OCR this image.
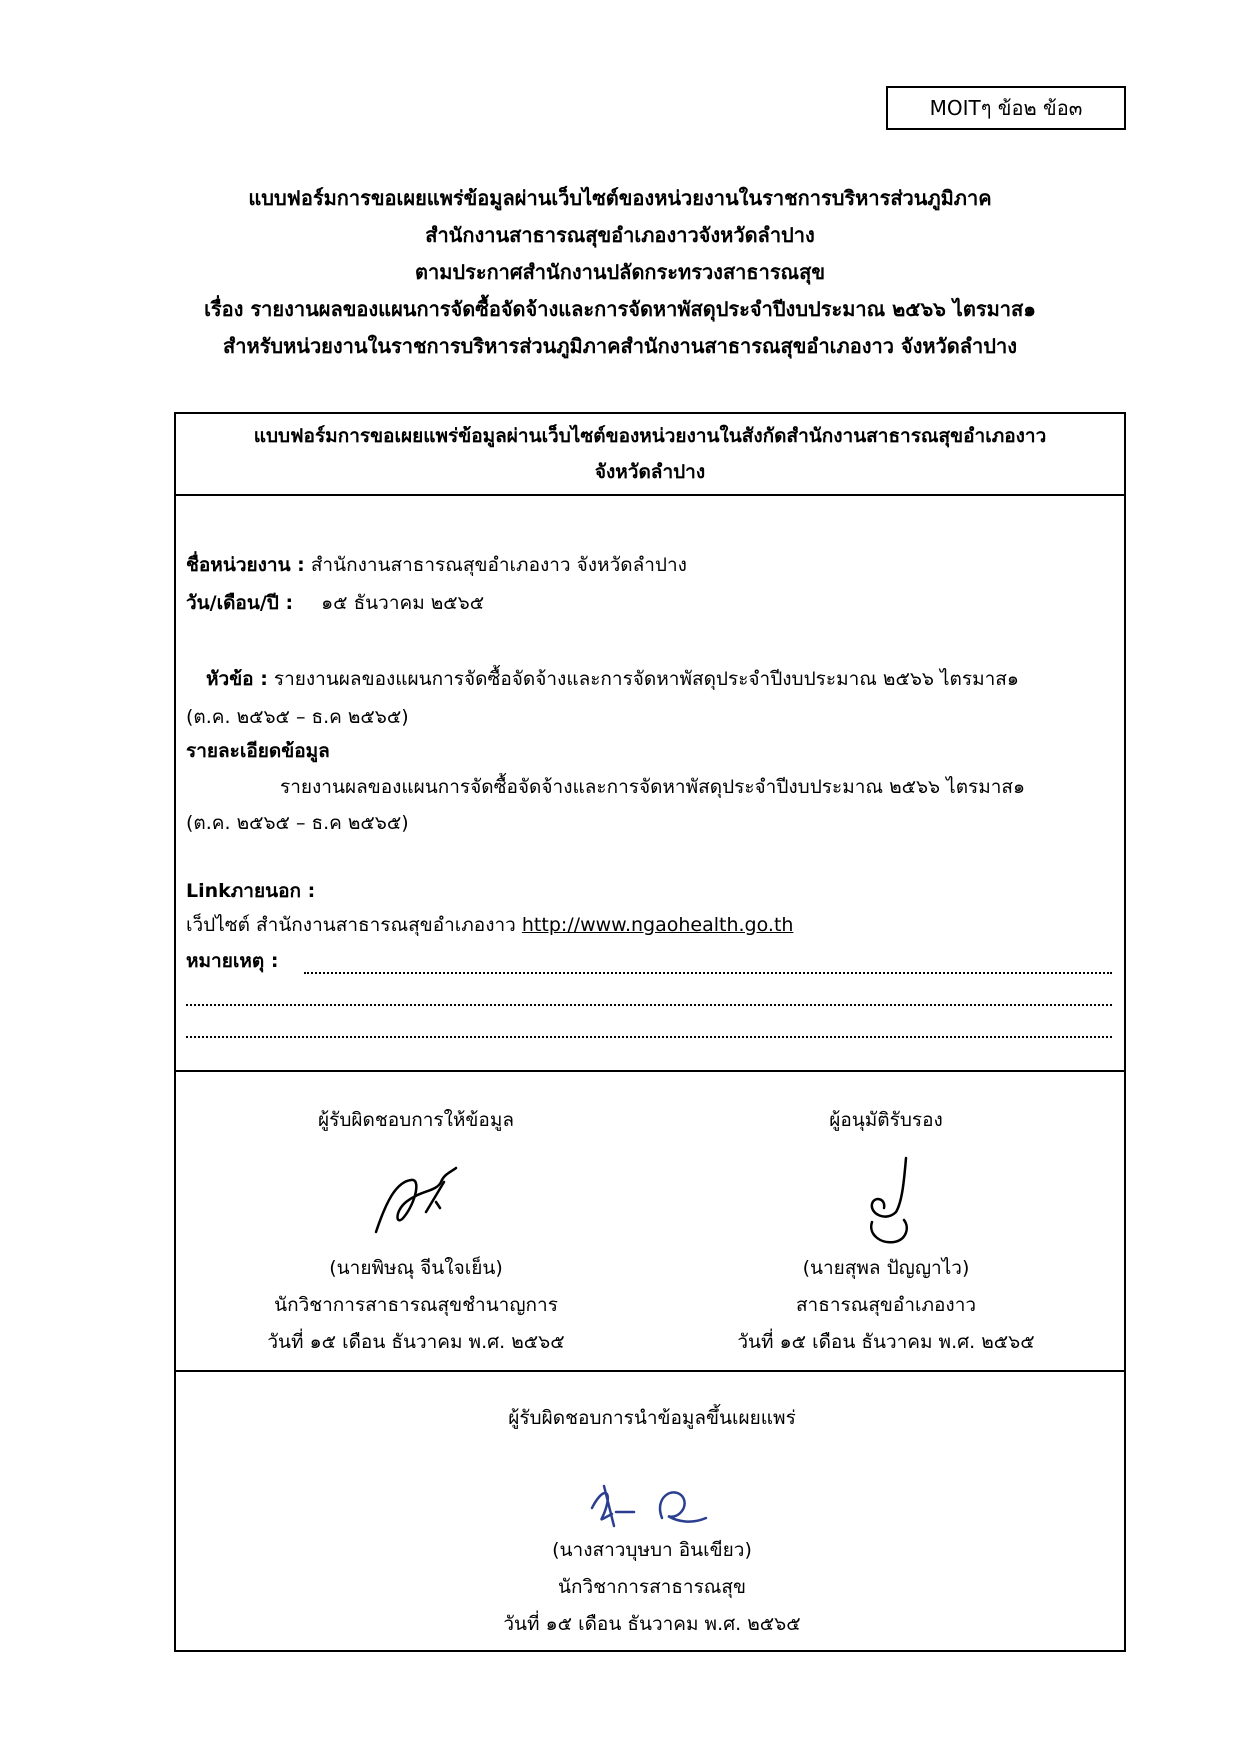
MOITๆ ข้อ๒ ข้อ๓
แบบฟอร์มการขอเผยแพร่ข้อมูลผ่านเว็บไซต์ของหน่วยงานในราชการบริหารส่วนภูมิภาค
สำนักงานสาธารณสุขอำเภองาวจังหวัดลำปาง
ตามประกาศสำนักงานปลัดกระทรวงสาธารณสุข
เรื่อง รายงานผลของแผนการจัดซื้อจัดจ้างและการจัดหาพัสดุประจำปีงบประมาณ ๒๕๖๖ ไตรมาส๑
สำหรับหน่วยงานในราชการบริหารส่วนภูมิภาคสำนักงานสาธารณสุขอำเภองาว จังหวัดลำปาง
แบบฟอร์มการขอเผยแพร่ข้อมูลผ่านเว็บไซต์ของหน่วยงานในสังกัดสำนักงานสาธารณสุขอำเภองาว
จังหวัดลำปาง
ชื่อหน่วยงาน : สำนักงานสาธารณสุขอำเภองาว จังหวัดลำปาง
วัน/เดือน/ปี : ๑๕ ธันวาคม ๒๕๖๕
หัวข้อ : รายงานผลของแผนการจัดซื้อจัดจ้างและการจัดหาพัสดุประจำปีงบประมาณ ๒๕๖๖ ไตรมาส๑
(ต.ค. ๒๕๖๕ – ธ.ค ๒๕๖๕)
รายละเอียดข้อมูล
รายงานผลของแผนการจัดซื้อจัดจ้างและการจัดหาพัสดุประจำปีงบประมาณ ๒๕๖๖ ไตรมาส๑
(ต.ค. ๒๕๖๕ – ธ.ค ๒๕๖๕)
Linkภายนอก :
เว็ปไซต์ สำนักงานสาธารณสุขอำเภองาว http://www.ngaohealth.go.th
หมายเหตุ :
ผู้รับผิดชอบการให้ข้อมูล
(นายพิษณุ จีนใจเย็น)
นักวิชาการสาธารณสุขชำนาญการ
วันที่ ๑๕ เดือน ธันวาคม พ.ศ. ๒๕๖๕
ผู้อนุมัติรับรอง
(นายสุพล ปัญญาไว)
สาธารณสุขอำเภองาว
วันที่ ๑๕ เดือน ธันวาคม พ.ศ. ๒๕๖๕
ผู้รับผิดชอบการนำข้อมูลขึ้นเผยแพร่
(นางสาวบุษบา อินเขียว)
นักวิชาการสาธารณสุข
วันที่ ๑๕ เดือน ธันวาคม พ.ศ. ๒๕๖๕
